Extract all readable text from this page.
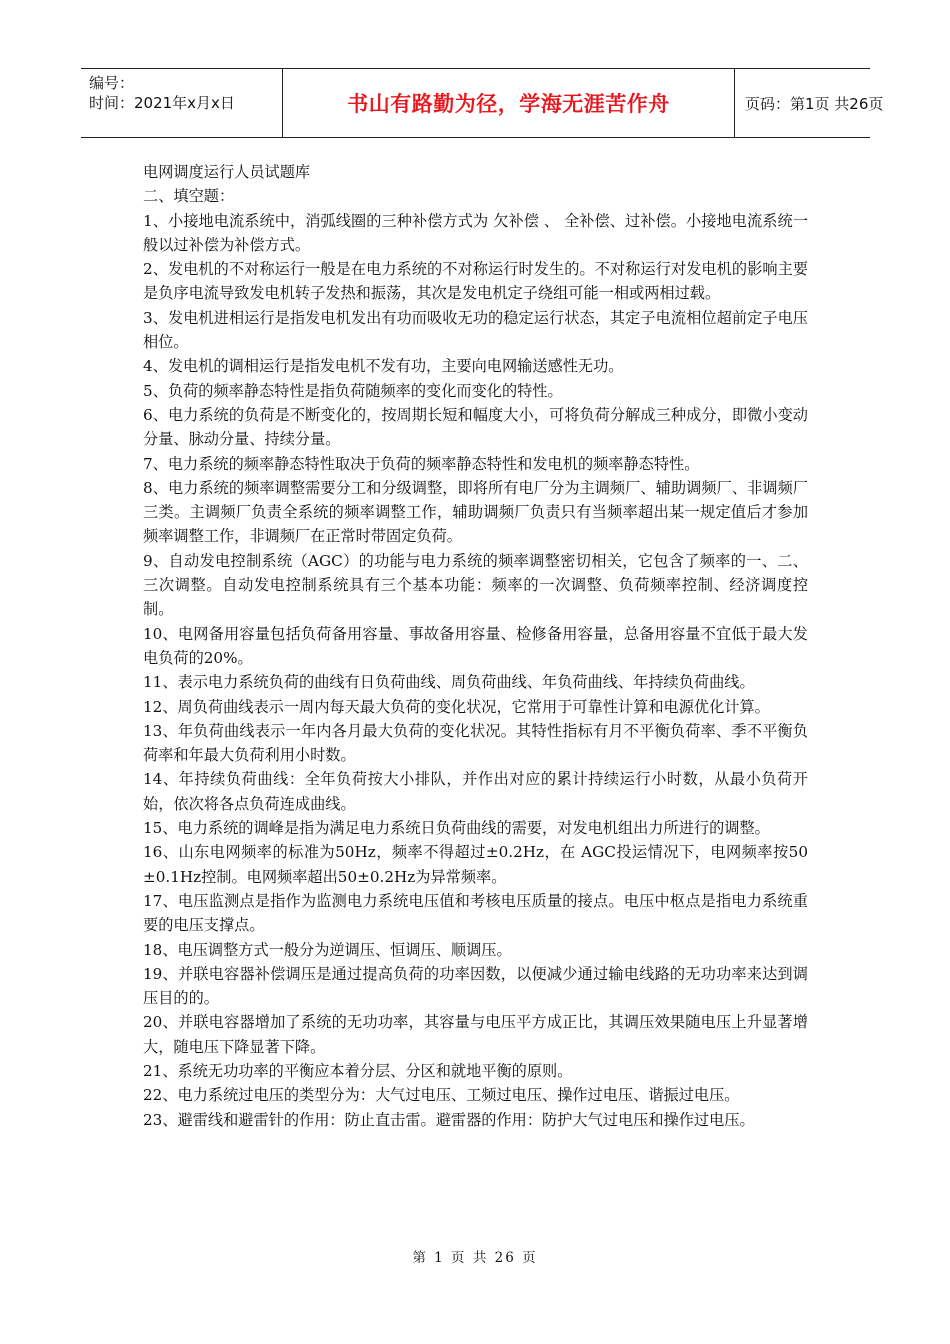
编号：
时间：2021年x月x日	书山有路勤为径，学海无涯苦作舟	页码：第1页 共26页

电网调度运行人员试题库

二、填空题：

1、小接地电流系统中，消弧线圈的三种补偿方式为 欠补偿 、 全补偿、过补偿。小接地电流系统一般以过补偿为补偿方式。

2、发电机的不对称运行一般是在电力系统的不对称运行时发生的。不对称运行对发电机的影响主要是负序电流导致发电机转子发热和振荡，其次是发电机定子绕组可能一相或两相过载。

3、发电机进相运行是指发电机发出有功而吸收无功的稳定运行状态，其定子电流相位超前定子电压相位。

4、发电机的调相运行是指发电机不发有功，主要向电网输送感性无功。

5、负荷的频率静态特性是指负荷随频率的变化而变化的特性。

6、电力系统的负荷是不断变化的，按周期长短和幅度大小，可将负荷分解成三种成分，即微小变动分量、脉动分量、持续分量。

7、电力系统的频率静态特性取决于负荷的频率静态特性和发电机的频率静态特性。

8、电力系统的频率调整需要分工和分级调整，即将所有电厂分为主调频厂、辅助调频厂、非调频厂三类。主调频厂负责全系统的频率调整工作，辅助调频厂负责只有当频率超出某一规定值后才参加频率调整工作，非调频厂在正常时带固定负荷。

9、自动发电控制系统（AGC）的功能与电力系统的频率调整密切相关，它包含了频率的一、二、三次调整。自动发电控制系统具有三个基本功能：频率的一次调整、负荷频率控制、经济调度控制。

10、电网备用容量包括负荷备用容量、事故备用容量、检修备用容量，总备用容量不宜低于最大发电负荷的20%。

11、表示电力系统负荷的曲线有日负荷曲线、周负荷曲线、年负荷曲线、年持续负荷曲线。

12、周负荷曲线表示一周内每天最大负荷的变化状况，它常用于可靠性计算和电源优化计算。

13、年负荷曲线表示一年内各月最大负荷的变化状况。其特性指标有月不平衡负荷率、季不平衡负荷率和年最大负荷利用小时数。

14、年持续负荷曲线：全年负荷按大小排队，并作出对应的累计持续运行小时数，从最小负荷开始，依次将各点负荷连成曲线。

15、电力系统的调峰是指为满足电力系统日负荷曲线的需要，对发电机组出力所进行的调整。

16、山东电网频率的标准为50Hz，频率不得超过±0.2Hz，在 AGC投运情况下，电网频率按50±0.1Hz控制。电网频率超出50±0.2Hz为异常频率。

17、电压监测点是指作为监测电力系统电压值和考核电压质量的接点。电压中枢点是指电力系统重要的电压支撑点。

18、电压调整方式一般分为逆调压、恒调压、顺调压。

19、并联电容器补偿调压是通过提高负荷的功率因数，以便减少通过输电线路的无功功率来达到调压目的的。

20、并联电容器增加了系统的无功功率，其容量与电压平方成正比，其调压效果随电压上升显著增大，随电压下降显著下降。

21、系统无功功率的平衡应本着分层、分区和就地平衡的原则。

22、电力系统过电压的类型分为：大气过电压、工频过电压、操作过电压、谐振过电压。

23、避雷线和避雷针的作用：防止直击雷。避雷器的作用：防护大气过电压和操作过电压。

第 1 页 共 26 页
